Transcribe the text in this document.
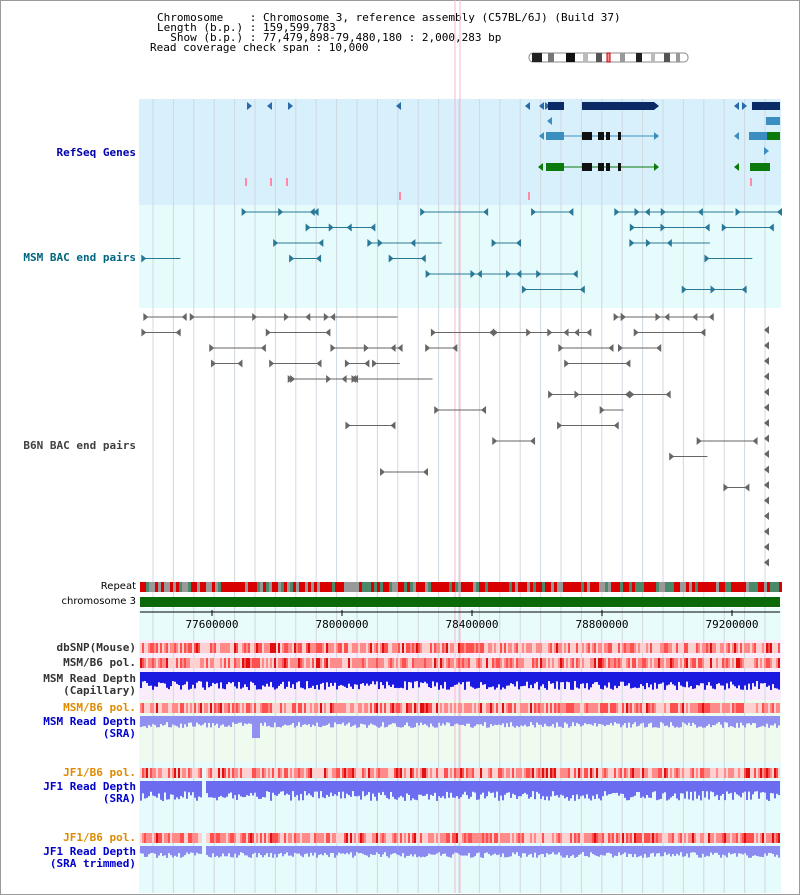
Chromosome    : Chromosome 3, reference assembly (C57BL/6J) (Build 37)
Length (b.p.) : 159,599,783
Show (b.p.) : 77,479,898-79,480,180 : 2,000,283 bp
Read coverage check span : 10,000
RefSeq Genes
MSM BAC end pairs
B6N BAC end pairs
Repeat
chromosome 3
dbSNP(Mouse)
MSM/B6 pol.
MSM Read Depth
(Capillary)
MSM/B6 pol.
MSM Read Depth
(SRA)
JF1/B6 pol.
JF1 Read Depth
(SRA)
JF1/B6 pol.
JF1 Read Depth
(SRA trimmed)
77600000	78000000	78400000	78800000	79200000
